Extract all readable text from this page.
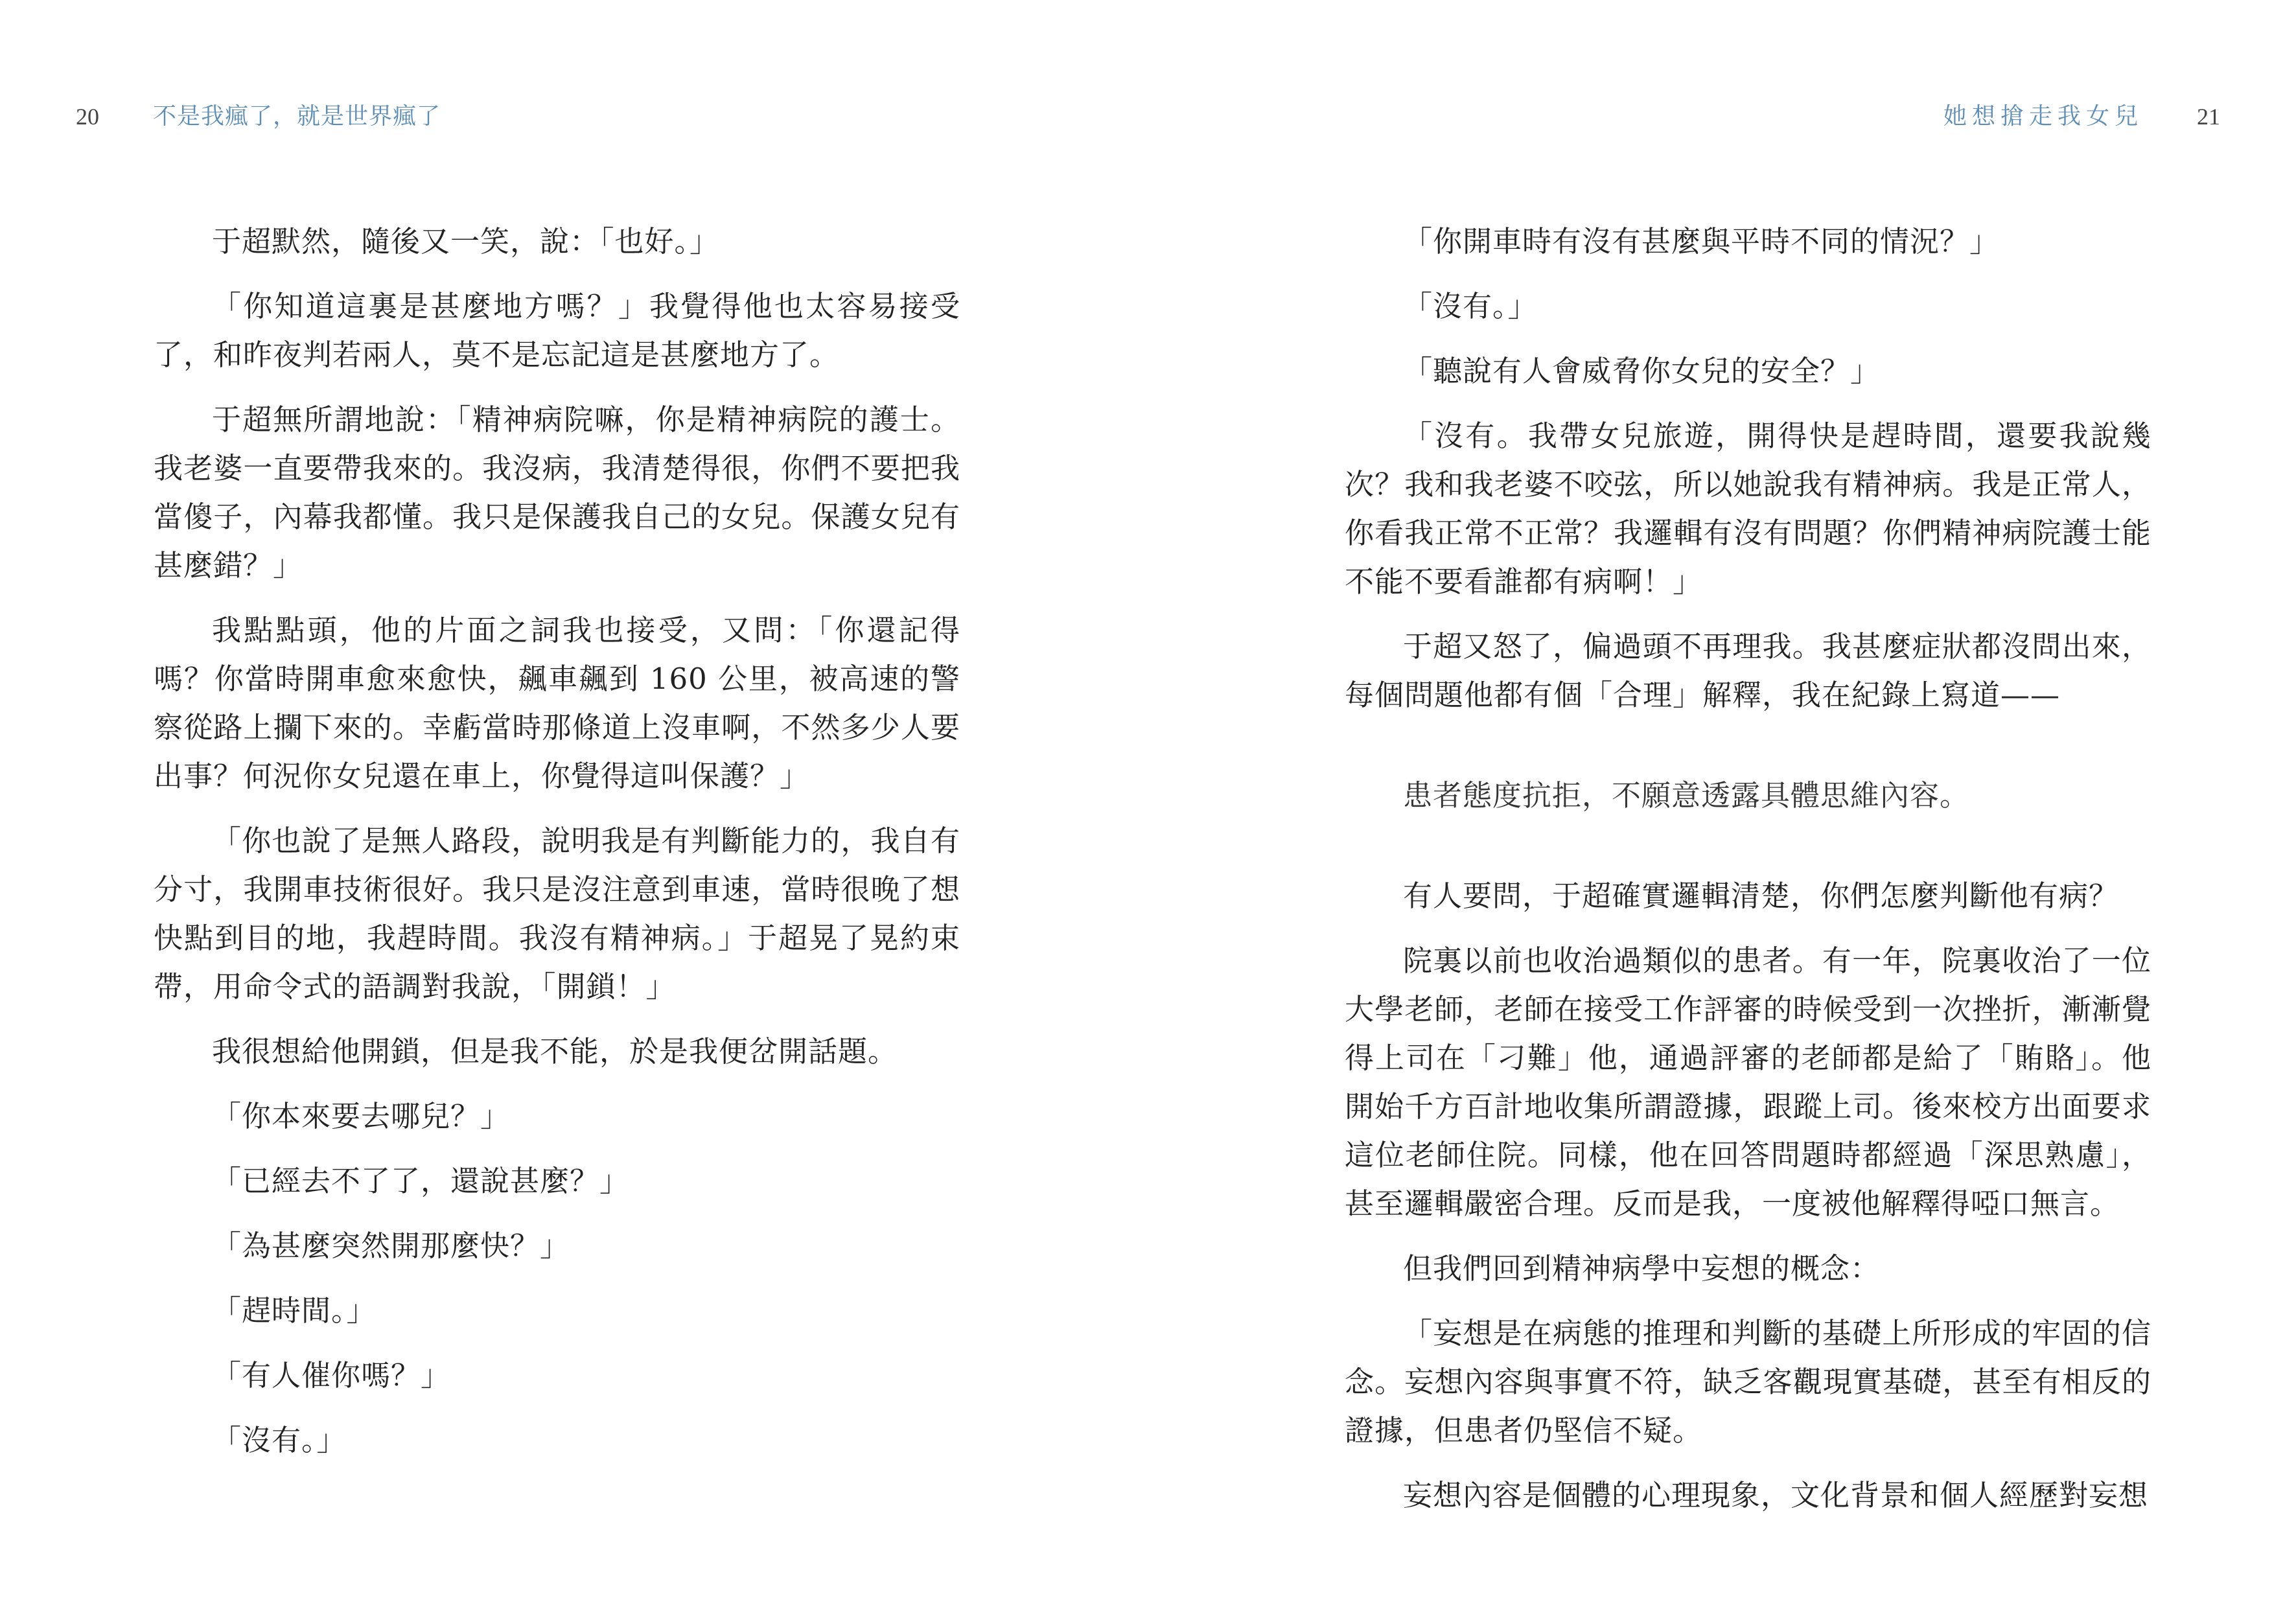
20 不是我瘋了，就是世界瘋了

于超默然，隨後又一笑，說：「也好。」

「你知道這裏是甚麼地方嗎？」我覺得他也太容易接受了，和昨夜判若兩人，莫不是忘記這是甚麼地方了。

于超無所謂地說：「精神病院嘛，你是精神病院的護士。我老婆一直要帶我來的。我沒病，我清楚得很，你們不要把我當傻子，內幕我都懂。我只是保護我自己的女兒。保護女兒有甚麼錯？」

我點點頭，他的片面之詞我也接受，又問：「你還記得嗎？你當時開車愈來愈快，飆車飆到 160 公里，被高速的警察從路上攔下來的。幸虧當時那條道上沒車啊，不然多少人要出事？何況你女兒還在車上，你覺得這叫保護？」

「你也說了是無人路段，說明我是有判斷能力的，我自有分寸，我開車技術很好。我只是沒注意到車速，當時很晚了想快點到目的地，我趕時間。我沒有精神病。」于超晃了晃約束帶，用命令式的語調對我說，「開鎖！」

我很想給他開鎖，但是我不能，於是我便岔開話題。

「你本來要去哪兒？」

「已經去不了了，還說甚麼？」

「為甚麼突然開那麼快？」

「趕時間。」

「有人催你嗎？」

「沒有。」

她想搶走我女兒 21

「你開車時有沒有甚麼與平時不同的情況？」

「沒有。」

「聽說有人會威脅你女兒的安全？」

「沒有。我帶女兒旅遊，開得快是趕時間，還要我說幾次？我和我老婆不咬弦，所以她說我有精神病。我是正常人，你看我正常不正常？我邏輯有沒有問題？你們精神病院護士能不能不要看誰都有病啊！」

于超又怒了，偏過頭不再理我。我甚麼症狀都沒問出來，每個問題他都有個「合理」解釋，我在紀錄上寫道——

患者態度抗拒，不願意透露具體思維內容。

有人要問，于超確實邏輯清楚，你們怎麼判斷他有病？

院裏以前也收治過類似的患者。有一年，院裏收治了一位大學老師，老師在接受工作評審的時候受到一次挫折，漸漸覺得上司在「刁難」他，通過評審的老師都是給了「賄賂」。他開始千方百計地收集所謂證據，跟蹤上司。後來校方出面要求這位老師住院。同樣，他在回答問題時都經過「深思熟慮」，甚至邏輯嚴密合理。反而是我，一度被他解釋得啞口無言。

但我們回到精神病學中妄想的概念：

「妄想是在病態的推理和判斷的基礎上所形成的牢固的信念。妄想內容與事實不符，缺乏客觀現實基礎，甚至有相反的證據，但患者仍堅信不疑。

妄想內容是個體的心理現象，文化背景和個人經歷對妄想
